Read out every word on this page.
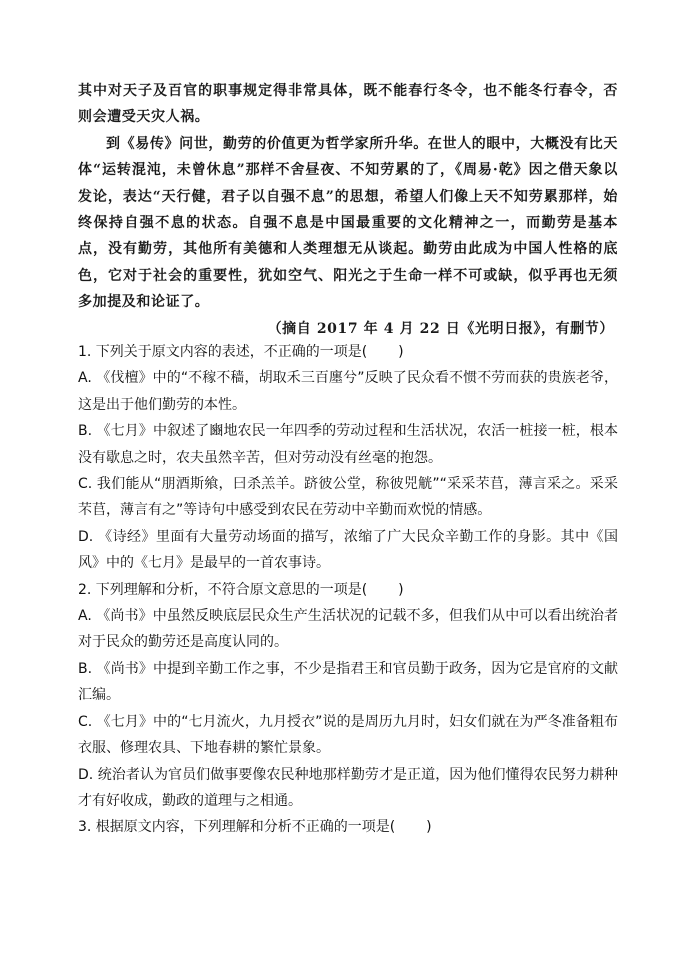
其中对天子及百官的职事规定得非常具体，既不能春行冬令，也不能冬行春令，否则会遭受天灾人祸。

到《易传》问世，勤劳的价值更为哲学家所升华。在世人的眼中，大概没有比天体“运转混沌，未曾休息”那样不舍昼夜、不知劳累的了，《周易·乾》因之借天象以发论，表达“天行健，君子以自强不息”的思想，希望人们像上天不知劳累那样，始终保持自强不息的状态。自强不息是中国最重要的文化精神之一，而勤劳是基本点，没有勤劳，其他所有美德和人类理想无从谈起。勤劳由此成为中国人性格的底色，它对于社会的重要性，犹如空气、阳光之于生命一样不可或缺，似乎再也无须多加提及和论证了。

（摘自 2017 年 4 月 22 日《光明日报》，有删节）

1. 下列关于原文内容的表述，不正确的一项是( )

A. 《伐檀》中的“不稼不穑，胡取禾三百廛兮”反映了民众看不惯不劳而获的贵族老爷，这是出于他们勤劳的本性。

B. 《七月》中叙述了豳地农民一年四季的劳动过程和生活状况，农活一桩接一桩，根本没有歇息之时，农夫虽然辛苦，但对劳动没有丝毫的抱怨。

C. 我们能从“朋酒斯飨，曰杀羔羊。跻彼公堂，称彼兕觥”“采采芣苢，薄言采之。采采芣苢，薄言有之”等诗句中感受到农民在劳动中辛勤而欢悦的情感。

D. 《诗经》里面有大量劳动场面的描写，浓缩了广大民众辛勤工作的身影。其中《国风》中的《七月》是最早的一首农事诗。

2. 下列理解和分析，不符合原文意思的一项是( )

A. 《尚书》中虽然反映底层民众生产生活状况的记载不多，但我们从中可以看出统治者对于民众的勤劳还是高度认同的。

B. 《尚书》中提到辛勤工作之事，不少是指君王和官员勤于政务，因为它是官府的文献汇编。

C. 《七月》中的“七月流火，九月授衣”说的是周历九月时，妇女们就在为严冬准备粗布衣服、修理农具、下地春耕的繁忙景象。

D. 统治者认为官员们做事要像农民种地那样勤劳才是正道，因为他们懂得农民努力耕种才有好收成，勤政的道理与之相通。

3. 根据原文内容，下列理解和分析不正确的一项是( )
